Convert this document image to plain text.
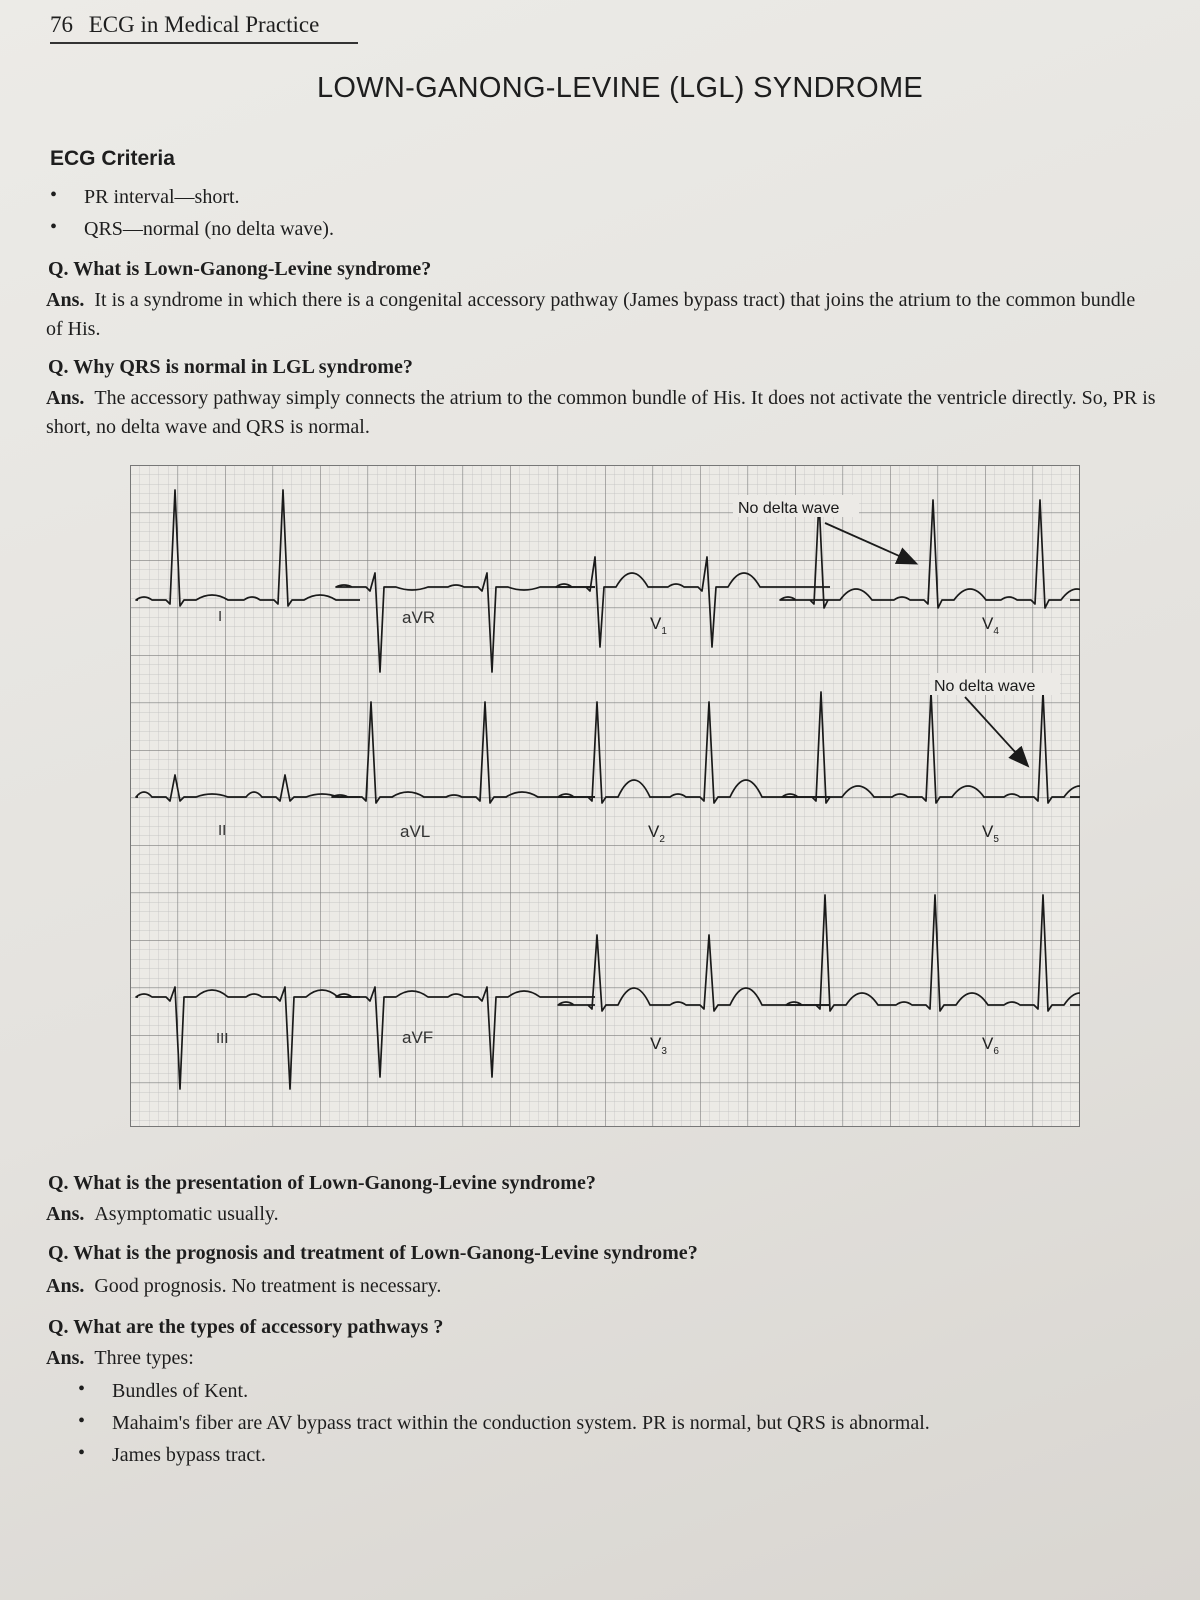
76 ECG in Medical Practice
LOWN-GANONG-LEVINE (LGL) SYNDROME
ECG Criteria
• PR interval—short.
• QRS—normal (no delta wave).
Q. What is Lown-Ganong-Levine syndrome?
Ans. It is a syndrome in which there is a congenital accessory pathway (James bypass tract) that joins the atrium to the common bundle of His.
Q. Why QRS is normal in LGL syndrome?
Ans. The accessory pathway simply connects the atrium to the common bundle of His. It does not activate the ventricle directly. So, PR is short, no delta wave and QRS is normal.
No delta wave
No delta wave
I	aVR	$V_1$	$V_4$
II	aVL	$V_2$	$V_5$
III	aVF	$V_3$	$V_6$
Q. What is the presentation of Lown-Ganong-Levine syndrome?
Ans. Asymptomatic usually.
Q. What is the prognosis and treatment of Lown-Ganong-Levine syndrome?
Ans. Good prognosis. No treatment is necessary.
Q. What are the types of accessory pathways ?
Ans. Three types:
• Bundles of Kent.
• Mahaim's fiber are AV bypass tract within the conduction system. PR is normal, but QRS is abnormal.
• James bypass tract.
